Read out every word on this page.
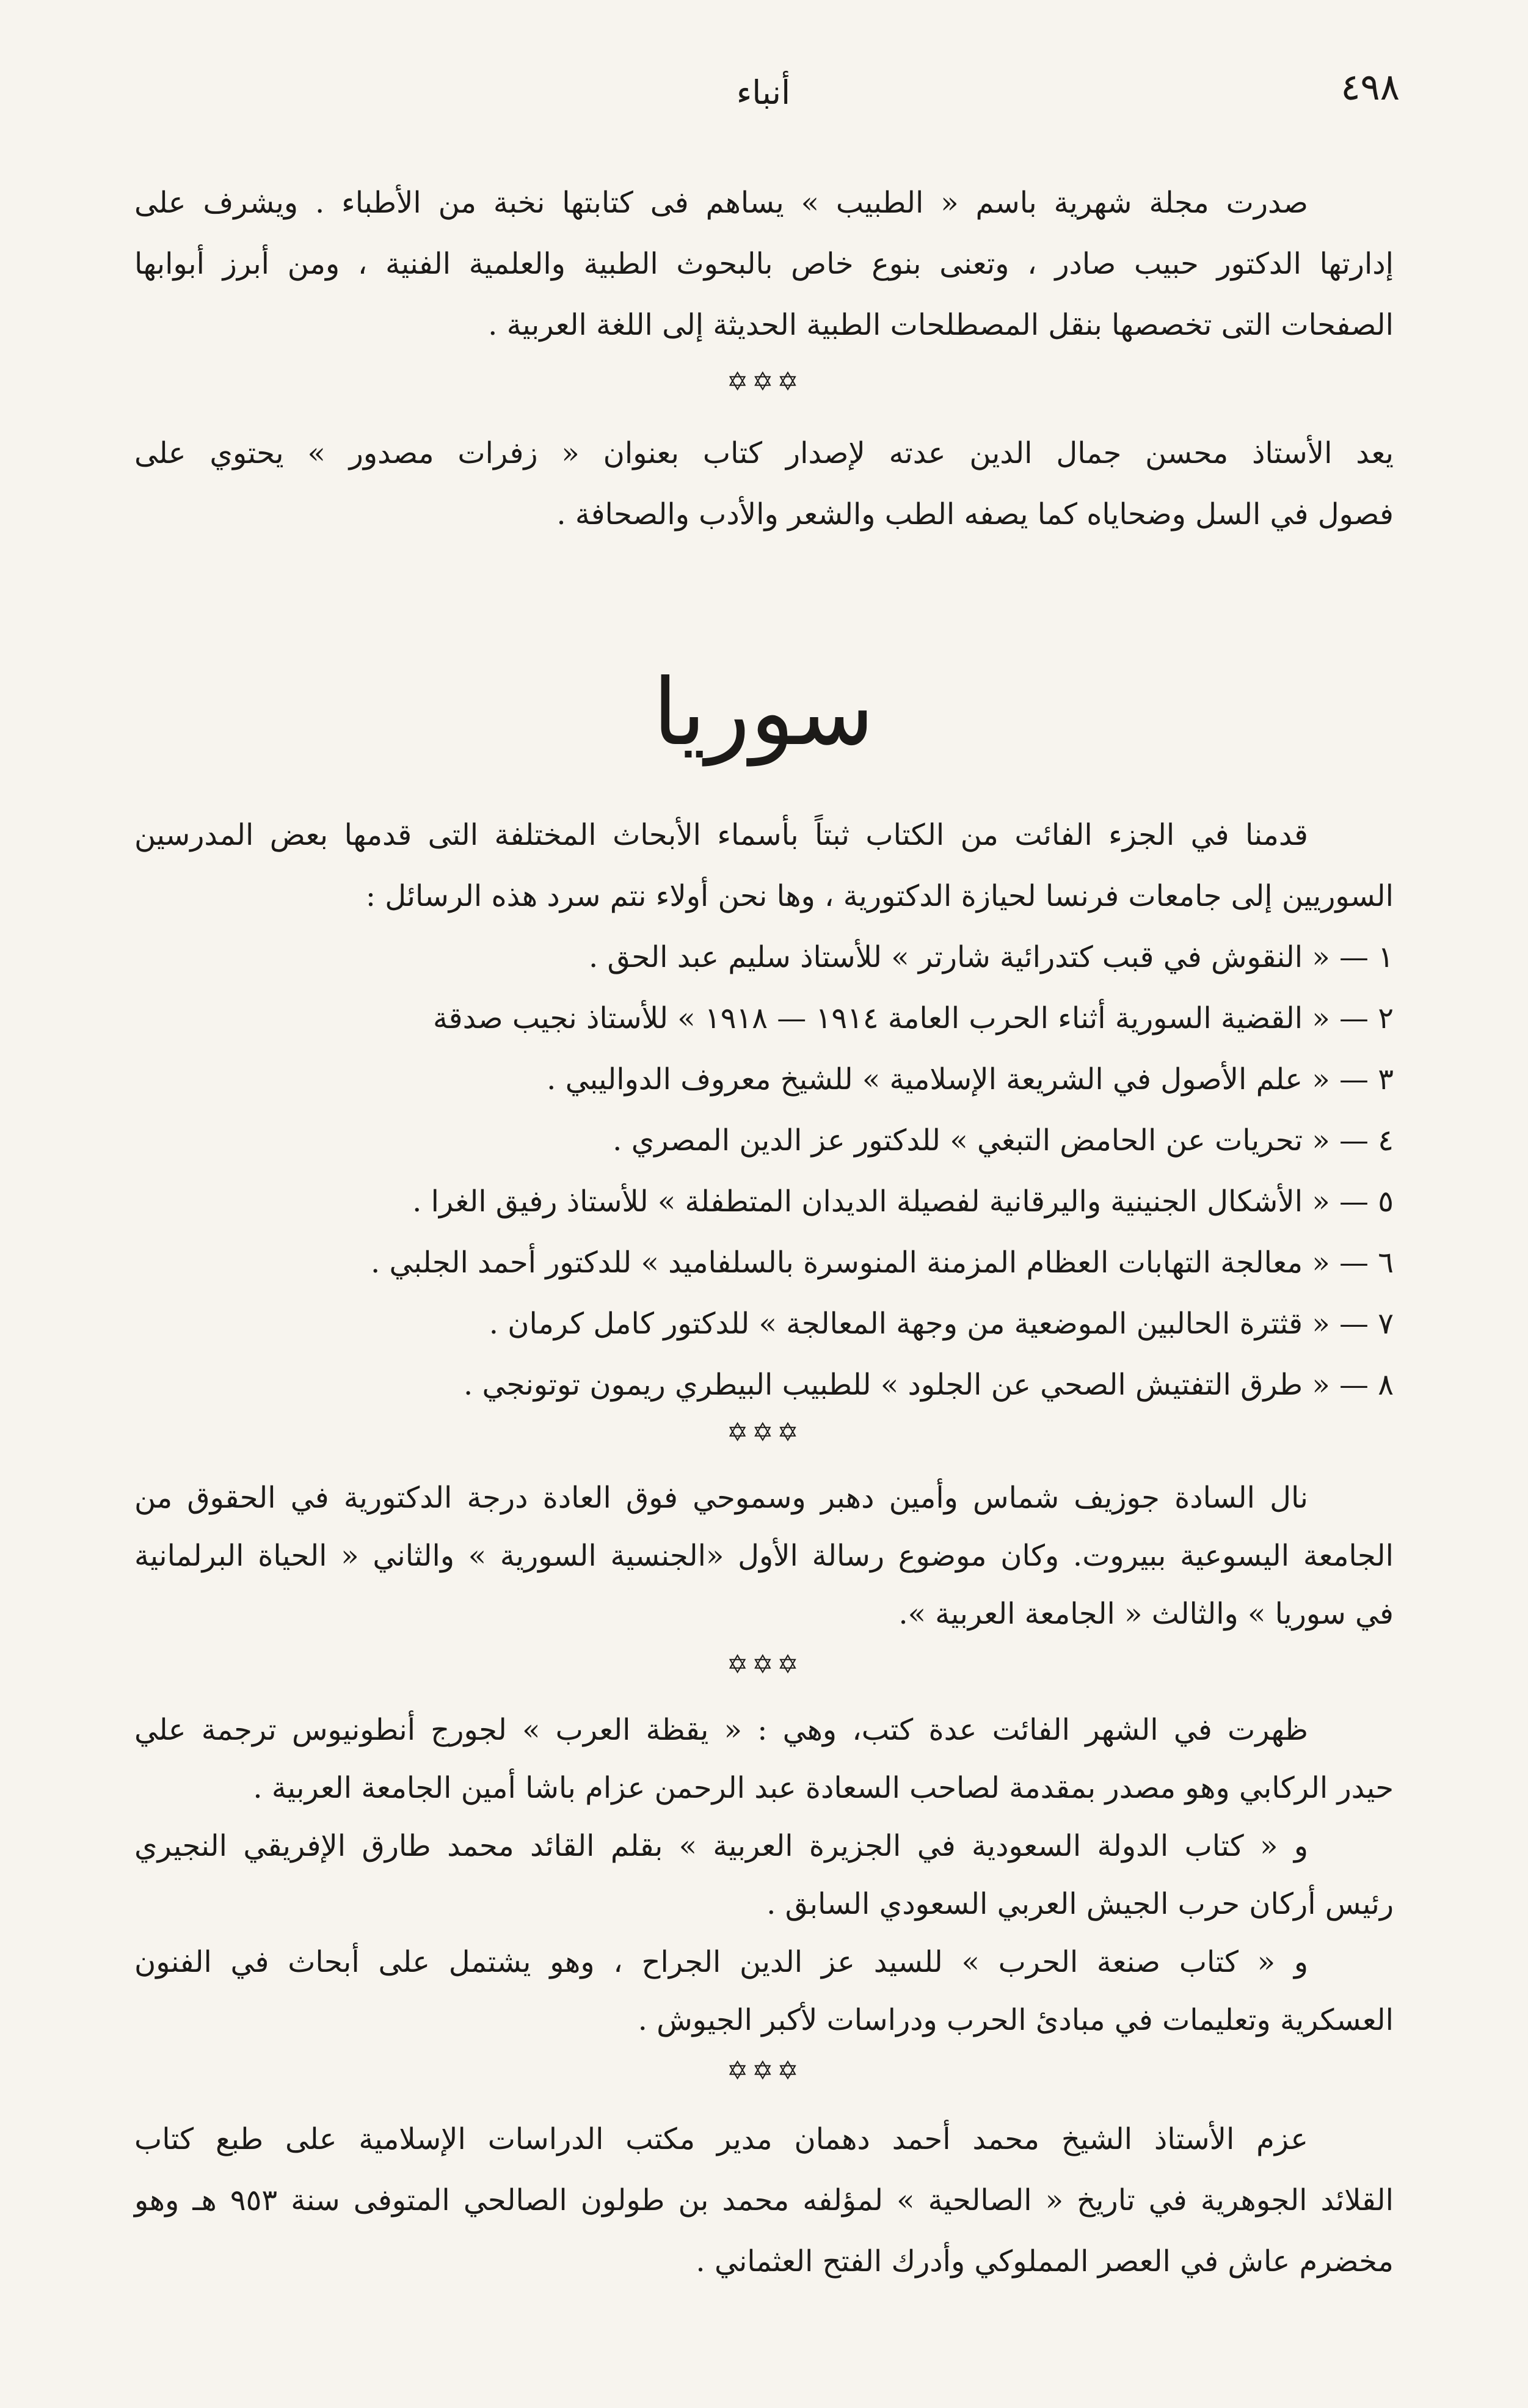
٤٩٨
أنباء
صدرت مجلة شهرية باسم « الطبيب » يساهم فى كتابتها نخبة من الأطباء . ويشرف على
إدارتها الدكتور حبيب صادر ، وتعنى بنوع خاص بالبحوث الطبية والعلمية الفنية ، ومن أبرز أبوابها
الصفحات التى تخصصها بنقل المصطلحات الطبية الحديثة إلى اللغة العربية .
✡✡✡
يعد الأستاذ محسن جمال الدين عدته لإصدار كتاب بعنوان « زفرات مصدور » يحتوي على
فصول في السل وضحاياه كما يصفه الطب والشعر والأدب والصحافة .
سوريا
قدمنا في الجزء الفائت من الكتاب ثبتاً بأسماء الأبحاث المختلفة التى قدمها بعض المدرسين
السوريين إلى جامعات فرنسا لحيازة الدكتورية ، وها نحن أولاء نتم سرد هذه الرسائل :
١ — « النقوش في قبب كتدرائية شارتر » للأستاذ سليم عبد الحق .
٢ — « القضية السورية أثناء الحرب العامة ١٩١٤ — ١٩١٨ » للأستاذ نجيب صدقة
٣ — « علم الأصول في الشريعة الإسلامية » للشيخ معروف الدواليبي .
٤ — « تحريات عن الحامض التبغي » للدكتور عز الدين المصري .
٥ — « الأشكال الجنينية واليرقانية لفصيلة الديدان المتطفلة » للأستاذ رفيق الغرا .
٦ — « معالجة التهابات العظام المزمنة المنوسرة بالسلفاميد » للدكتور أحمد الجلبي .
٧ — « قثترة الحالبين الموضعية من وجهة المعالجة » للدكتور كامل كرمان .
٨ — « طرق التفتيش الصحي عن الجلود » للطبيب البيطري ريمون توتونجي .
✡✡✡
نال السادة جوزيف شماس وأمين دهبر وسموحي فوق العادة درجة الدكتورية في الحقوق من
الجامعة اليسوعية ببيروت. وكان موضوع رسالة الأول «الجنسية السورية » والثاني « الحياة البرلمانية
في سوريا » والثالث « الجامعة العربية ».
✡✡✡
ظهرت في الشهر الفائت عدة كتب، وهي : « يقظة العرب » لجورج أنطونيوس ترجمة علي
حيدر الركابي وهو مصدر بمقدمة لصاحب السعادة عبد الرحمن عزام باشا أمين الجامعة العربية .
و « كتاب الدولة السعودية في الجزيرة العربية » بقلم القائد محمد طارق الإفريقي النجيري
رئيس أركان حرب الجيش العربي السعودي السابق .
و « كتاب صنعة الحرب » للسيد عز الدين الجراح ، وهو يشتمل على أبحاث في الفنون
العسكرية وتعليمات في مبادئ الحرب ودراسات لأكبر الجيوش .
✡✡✡
عزم الأستاذ الشيخ محمد أحمد دهمان مدير مكتب الدراسات الإسلامية على طبع كتاب
القلائد الجوهرية في تاريخ « الصالحية » لمؤلفه محمد بن طولون الصالحي المتوفى سنة ٩٥٣ هـ وهو
مخضرم عاش في العصر المملوكي وأدرك الفتح العثماني .
